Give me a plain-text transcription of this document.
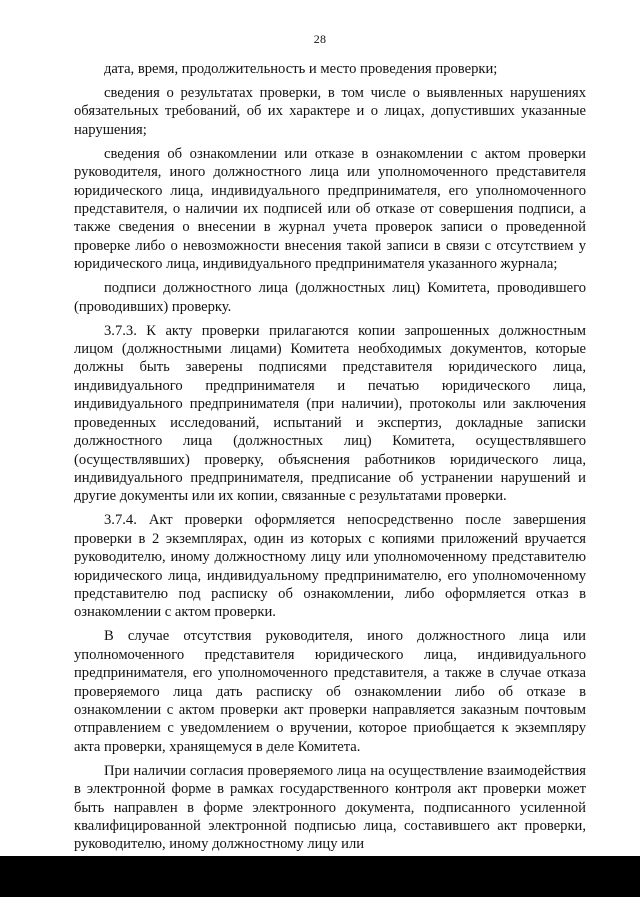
28

дата, время, продолжительность и место проведения проверки;

сведения о результатах проверки, в том числе о выявленных нарушениях обязательных требований, об их характере и о лицах, допустивших указанные нарушения;

сведения об ознакомлении или отказе в ознакомлении с актом проверки руководителя, иного должностного лица или уполномоченного представителя юридического лица, индивидуального предпринимателя, его уполномоченного представителя, о наличии их подписей или об отказе от совершения подписи, а также сведения о внесении в журнал учета проверок записи о проведенной проверке либо о невозможности внесения такой записи в связи с отсутствием у юридического лица, индивидуального предпринимателя указанного журнала;

подписи должностного лица (должностных лиц) Комитета, проводившего (проводивших) проверку.

3.7.3. К акту проверки прилагаются копии запрошенных должностным лицом (должностными лицами) Комитета необходимых документов, которые должны быть заверены подписями представителя юридического лица, индивидуального предпринимателя и печатью юридического лица, индивидуального предпринимателя (при наличии), протоколы или заключения проведенных исследований, испытаний и экспертиз, докладные записки должностного лица (должностных лиц) Комитета, осуществлявшего (осуществлявших) проверку, объяснения работников юридического лица, индивидуального предпринимателя, предписание об устранении нарушений и другие документы или их копии, связанные с результатами проверки.

3.7.4. Акт проверки оформляется непосредственно после завершения проверки в 2 экземплярах, один из которых с копиями приложений вручается руководителю, иному должностному лицу или уполномоченному представителю юридического лица, индивидуальному предпринимателю, его уполномоченному представителю под расписку об ознакомлении, либо оформляется отказ в ознакомлении с актом проверки.

В случае отсутствия руководителя, иного должностного лица или уполномоченного представителя юридического лица, индивидуального предпринимателя, его уполномоченного представителя, а также в случае отказа проверяемого лица дать расписку об ознакомлении либо об отказе в ознакомлении с актом проверки акт проверки направляется заказным почтовым отправлением с уведомлением о вручении, которое приобщается к экземпляру акта проверки, хранящемуся в деле Комитета.

При наличии согласия проверяемого лица на осуществление взаимодействия в электронной форме в рамках государственного контроля акт проверки может быть направлен в форме электронного документа, подписанного усиленной квалифицированной электронной подписью лица, составившего акт проверки, руководителю, иному должностному лицу или
